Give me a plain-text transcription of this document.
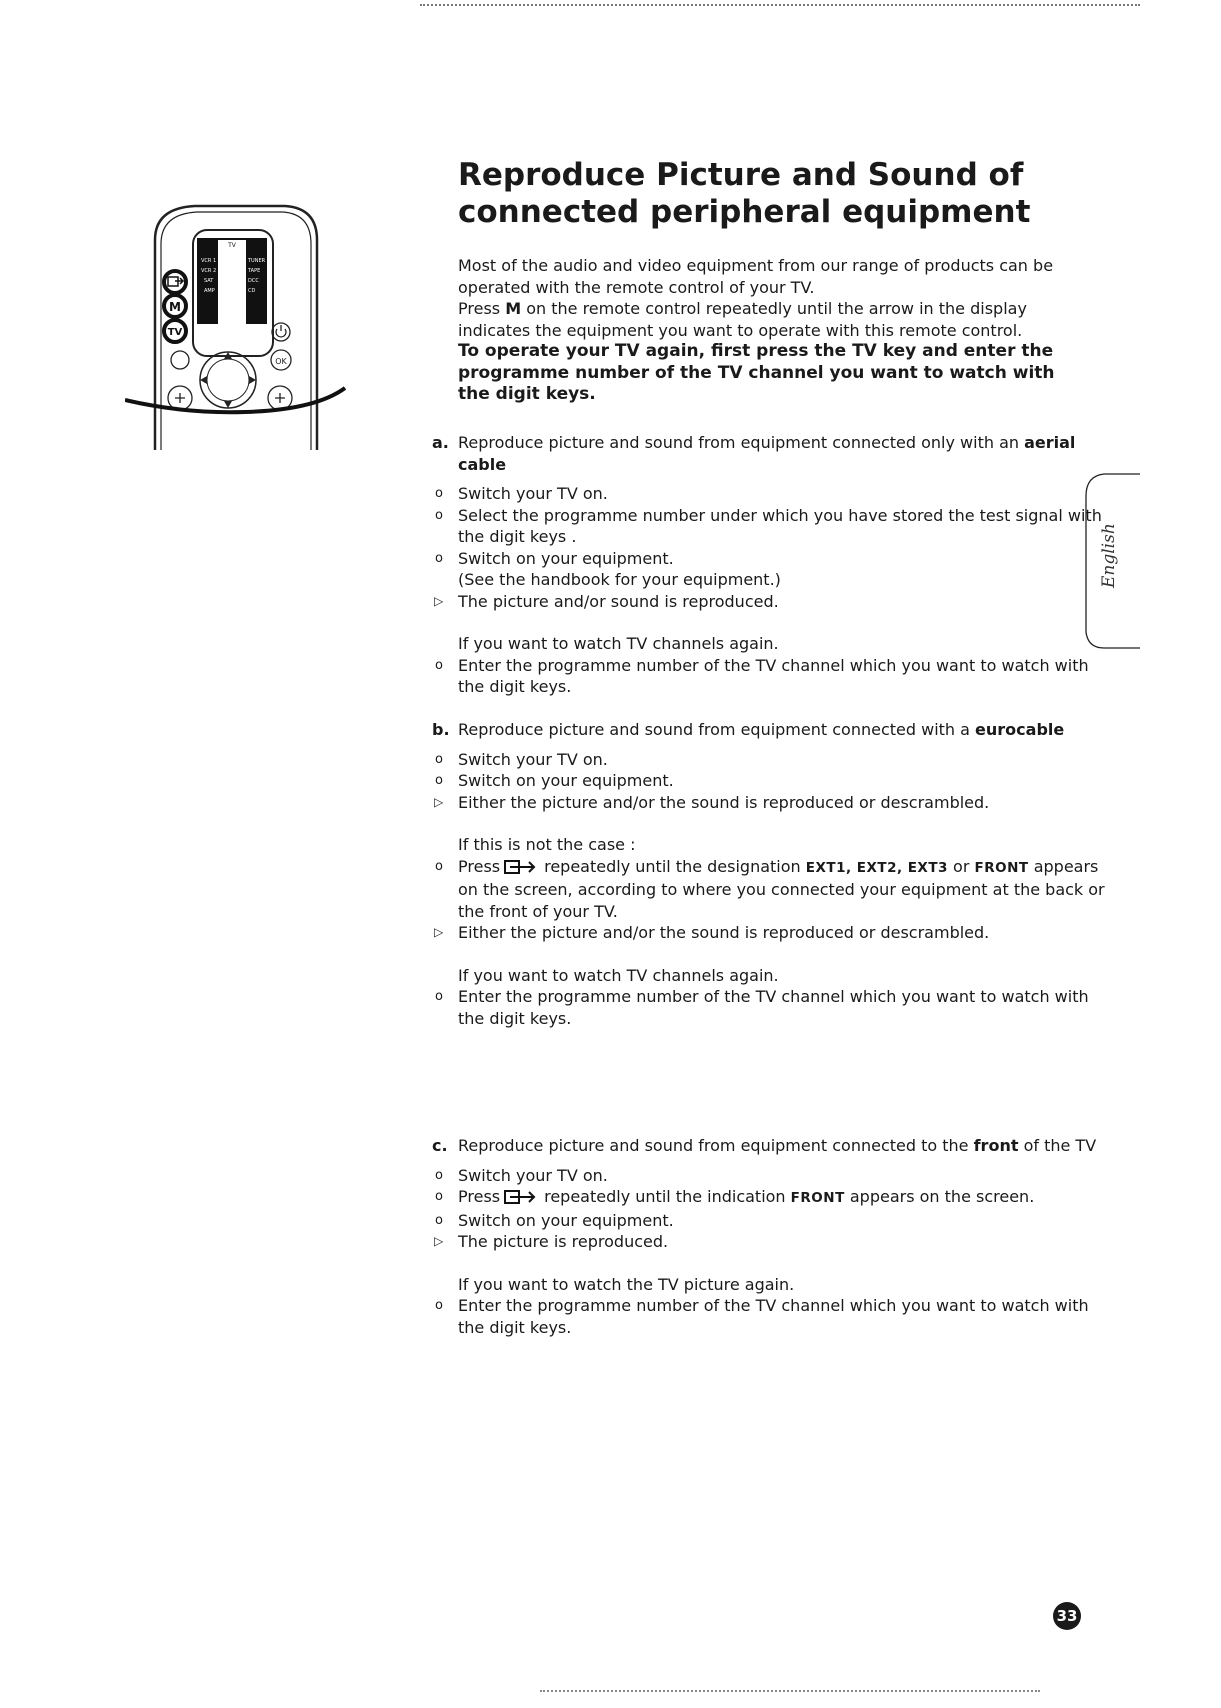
TV
VCR 1
VCR 2
SAT
AMP
TUNER
TAPE
DCC
CD
M
TV
OK
Reproduce Picture and Sound of
connected peripheral equipment

Most of the audio and video equipment from our range of products can be operated with the remote control of your TV.

Press M on the remote control repeatedly until the arrow in the display indicates the equipment you want to operate with this remote control.

To operate your TV again, first press the TV key and enter the programme number of the TV channel you want to watch with the digit keys.

a. Reproduce picture and sound from equipment connected only with an aerial cable
o Switch your TV on.
o Select the programme number under which you have stored the test signal with the digit keys .
o Switch on your equipment.
(See the handbook for your equipment.)
▷ The picture and/or sound is reproduced.
If you want to watch TV channels again.
o Enter the programme number of the TV channel which you want to watch with the digit keys.
English
b. Reproduce picture and sound from equipment connected with a eurocable
o Switch your TV on.
o Switch on your equipment.
▷ Either the picture and/or the sound is reproduced or descrambled.
If this is not the case :
o Press	repeatedly until the designation EXT1, EXT2, EXT3 or FRONT appears on the screen, according to where you connected your equipment at the back or the front of your TV.
▷ Either the picture and/or the sound is reproduced or descrambled.
If you want to watch TV channels again.
o Enter the programme number of the TV channel which you want to watch with the digit keys.
c. Reproduce picture and sound from equipment connected to the front of the TV
o Switch your TV on.
o Press	repeatedly until the indication FRONT appears on the screen.
o Switch on your equipment.
▷ The picture is reproduced.
If you want to watch the TV picture again.
o Enter the programme number of the TV channel which you want to watch with the digit keys.
33
